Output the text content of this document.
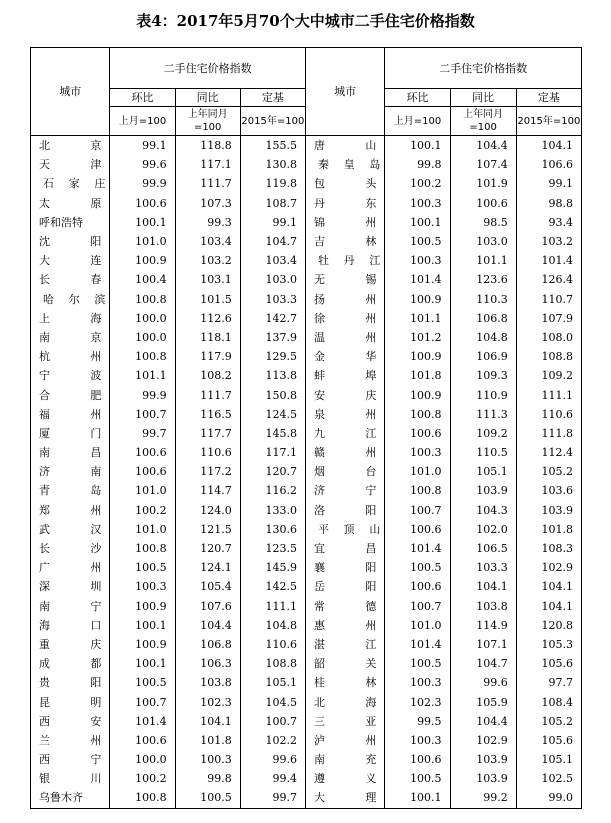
表4：2017年5月70个大中城市二手住宅价格指数
城市	二手住宅价格指数			城市	二手住宅价格指数		
	环比	同比	定基		环比	同比	定基
	上月=100	上年同月=100	2015年=100		上月=100	上年同月=100	2015年=100

北 京	99.1	118.8	155.5	唐 山	100.1	104.4	104.1

天 津	99.6	117.1	130.8	秦 皇 岛	99.8	107.4	106.6

石 家 庄	99.9	111.7	119.8	包 头	100.2	101.9	99.1

太 原	100.6	107.3	108.7	丹 东	100.3	100.6	98.8

呼和浩特	100.1	99.3	99.1	锦 州	100.1	98.5	93.4

沈 阳	101.0	103.4	104.7	吉 林	100.5	103.0	103.2

大 连	100.9	103.2	103.4	牡 丹 江	100.3	101.1	101.4

长 春	100.4	103.1	103.0	无 锡	101.4	123.6	126.4

哈 尔 滨	100.8	101.5	103.3	扬 州	100.9	110.3	110.7

上 海	100.0	112.6	142.7	徐 州	101.1	106.8	107.9

南 京	100.0	118.1	137.9	温 州	101.2	104.8	108.0

杭 州	100.8	117.9	129.5	金 华	100.9	106.9	108.8

宁 波	101.1	108.2	113.8	蚌 埠	101.8	109.3	109.2

合 肥	99.9	111.7	150.8	安 庆	100.9	110.9	111.1

福 州	100.7	116.5	124.5	泉 州	100.8	111.3	110.6

厦 门	99.7	117.7	145.8	九 江	100.6	109.2	111.8

南 昌	100.6	110.6	117.1	赣 州	100.3	110.5	112.4

济 南	100.6	117.2	120.7	烟 台	101.0	105.1	105.2

青 岛	101.0	114.7	116.2	济 宁	100.8	103.9	103.6

郑 州	100.2	124.0	133.0	洛 阳	100.7	104.3	103.9

武 汉	101.0	121.5	130.6	平 顶 山	100.6	102.0	101.8

长 沙	100.8	120.7	123.5	宜 昌	101.4	106.5	108.3

广 州	100.5	124.1	145.9	襄 阳	100.5	103.3	102.9

深 圳	100.3	105.4	142.5	岳 阳	100.6	104.1	104.1

南 宁	100.9	107.6	111.1	常 德	100.7	103.8	104.1

海 口	100.1	104.4	104.8	惠 州	101.0	114.9	120.8

重 庆	100.9	106.8	110.6	湛 江	101.4	107.1	105.3

成 都	100.1	106.3	108.8	韶 关	100.5	104.7	105.6

贵 阳	100.5	103.8	105.1	桂 林	100.3	99.6	97.7

昆 明	100.7	102.3	104.5	北 海	102.3	105.9	108.4

西 安	101.4	104.1	100.7	三 亚	99.5	104.4	105.2

兰 州	100.6	101.8	102.2	泸 州	100.3	102.9	105.6

西 宁	100.0	100.3	99.6	南 充	100.6	103.9	105.1

银 川	100.2	99.8	99.4	遵 义	100.5	103.9	102.5

乌鲁木齐	100.8	100.5	99.7	大 理	100.1	99.2	99.0
